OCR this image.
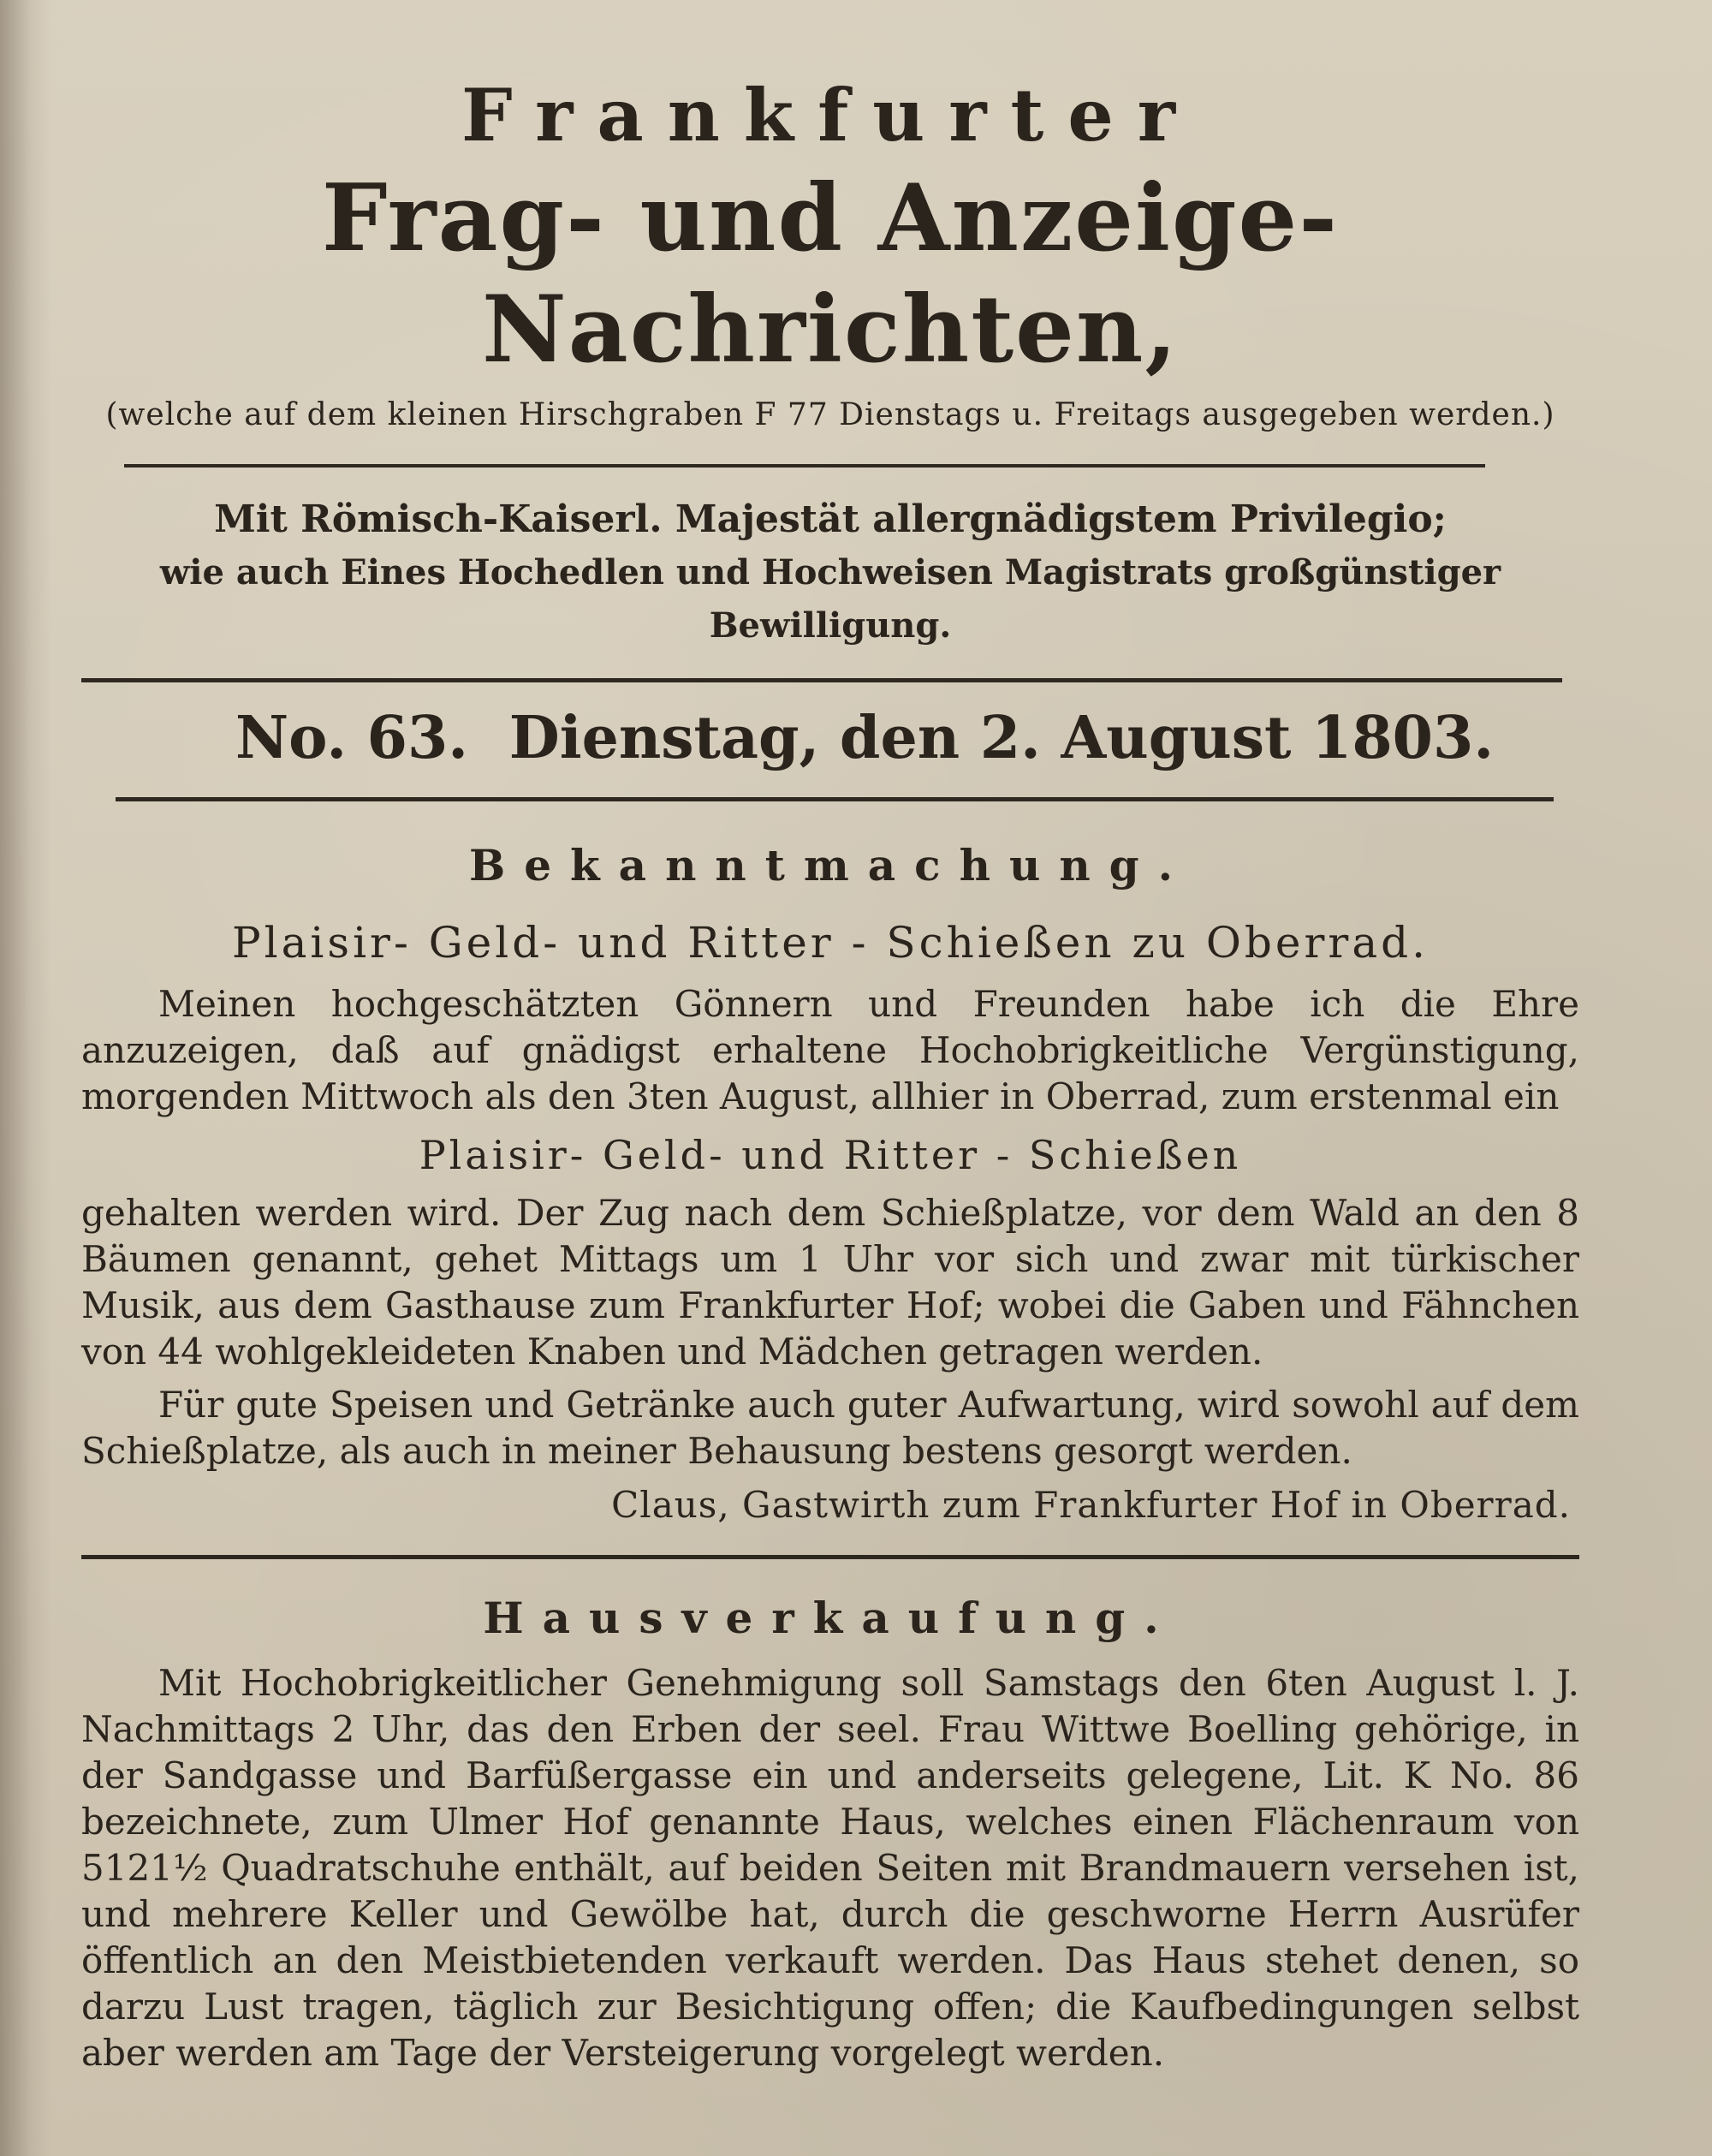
Frankfurter
Frag- und Anzeige-Nachrichten,
(welche auf dem kleinen Hirschgraben F 77 Dienstags u. Freitags ausgegeben werden.)
Mit Römisch-Kaiserl. Majestät allergnädigstem Privilegio;
wie auch Eines Hochedlen und Hochweisen Magistrats großgünstiger Bewilligung.
No. 63. Dienstag, den 2. August 1803.
Bekanntmachung.
Plaisir- Geld- und Ritter - Schießen zu Oberrad.

Meinen hochgeschätzten Gönnern und Freunden habe ich die Ehre anzuzeigen, daß auf gnädigst erhaltene Hochobrigkeitliche Vergünstigung, morgenden Mittwoch als den 3ten August, allhier in Oberrad, zum erstenmal ein

Plaisir- Geld- und Ritter - Schießen

gehalten werden wird. Der Zug nach dem Schießplatze, vor dem Wald an den 8 Bäumen genannt, gehet Mittags um 1 Uhr vor sich und zwar mit türkischer Musik, aus dem Gasthause zum Frankfurter Hof; wobei die Gaben und Fähnchen von 44 wohlgekleideten Knaben und Mädchen getragen werden.

Für gute Speisen und Getränke auch guter Aufwartung, wird sowohl auf dem Schießplatze, als auch in meiner Behausung bestens gesorgt werden.

Claus, Gastwirth zum Frankfurter Hof in Oberrad.
Hausverkaufung.

Mit Hochobrigkeitlicher Genehmigung soll Samstags den 6ten August l. J. Nachmittags 2 Uhr, das den Erben der seel. Frau Wittwe Boelling gehörige, in der Sandgasse und Barfüßergasse ein und anderseits gelegene, Lit. K No. 86 bezeichnete, zum Ulmer Hof genannte Haus, welches einen Flächenraum von 5121½ Quadratschuhe enthält, auf beiden Seiten mit Brandmauern versehen ist, und mehrere Keller und Gewölbe hat, durch die geschworne Herrn Ausrüfer öffentlich an den Meistbietenden verkauft werden. Das Haus stehet denen, so darzu Lust tragen, täglich zur Besichtigung offen; die Kaufbedingungen selbst aber werden am Tage der Versteigerung vorgelegt werden.
